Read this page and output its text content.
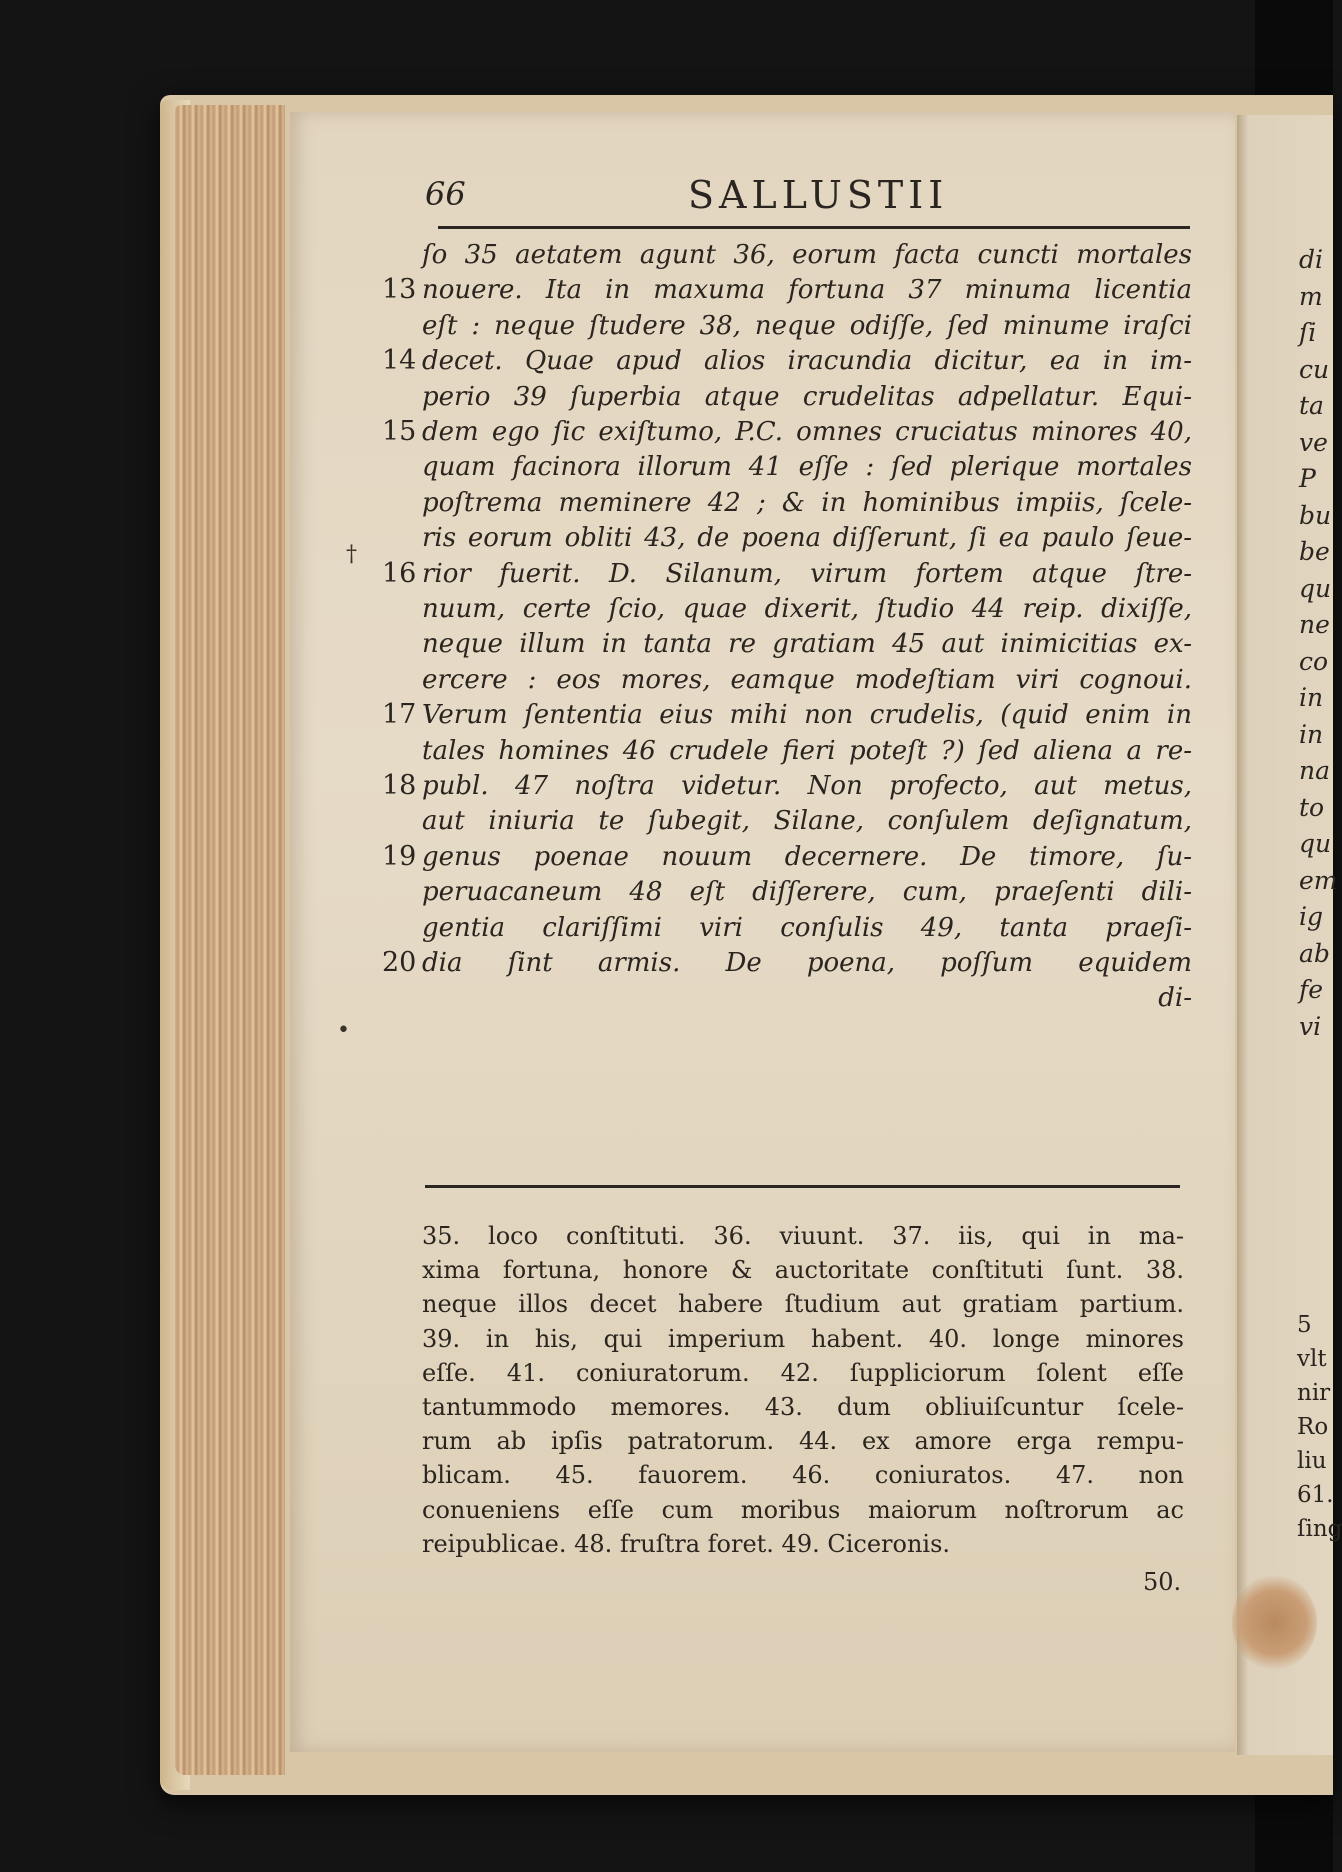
di
m
ſi
cu
ta
ve
P
bu
be
qu
ne
co
in
in
na
to
qu
em
ig
ab
fe
vi
5
vlt
nir
Ro
liu
61.
ſing
66	SALLUSTII
ſo 35 aetatem agunt 36, eorum facta cuncti mortales
nouere. Ita in maxuma fortuna 37 minuma licentia
13
eſt : neque ſtudere 38, neque odiſſe, ſed minume iraſci
decet. Quae apud alios iracundia dicitur, ea in im-
14
perio 39 ſuperbia atque crudelitas adpellatur. Equi-
dem ego ſic exiſtumo, P.C. omnes cruciatus minores 40,
15
quam facinora illorum 41 eſſe : ſed plerique mortales
poſtrema meminere 42 ; & in hominibus impiis, ſcele-
ris eorum obliti 43, de poena diſſerunt, ſi ea paulo ſeue-
rior fuerit. D. Silanum, virum fortem atque ſtre-
16
nuum, certe ſcio, quae dixerit, ſtudio 44 reip. dixiſſe,
neque illum in tanta re gratiam 45 aut inimicitias ex-
ercere : eos mores, eamque modeſtiam viri cognoui.
Verum ſententia eius mihi non crudelis, (quid enim in
17
tales homines 46 crudele fieri poteſt ?) ſed aliena a re-
publ. 47 noſtra videtur. Non profecto, aut metus,
18
aut iniuria te ſubegit, Silane, conſulem deſignatum,
genus poenae nouum decernere. De timore, ſu-
19
peruacaneum 48 eſt diſſerere, cum, praeſenti dili-
gentia clariſſimi viri conſulis 49, tanta praeſi-
dia ſint armis. De poena, poſſum equidem
20
di-
†
•
35. loco conſtituti. 36. viuunt. 37. iis, qui in ma-
xima fortuna, honore & auctoritate conſtituti ſunt. 38.
neque illos decet habere ſtudium aut gratiam partium.
39. in his, qui imperium habent. 40. longe minores
eſſe. 41. coniuratorum. 42. ſuppliciorum ſolent eſſe
tantummodo memores. 43. dum obliuiſcuntur ſcele-
rum ab ipſis patratorum. 44. ex amore erga rempu-
blicam. 45. fauorem. 46. coniuratos. 47. non
conueniens eſſe cum moribus maiorum noſtrorum ac
reipublicae. 48. fruſtra foret. 49. Ciceronis.
50.
